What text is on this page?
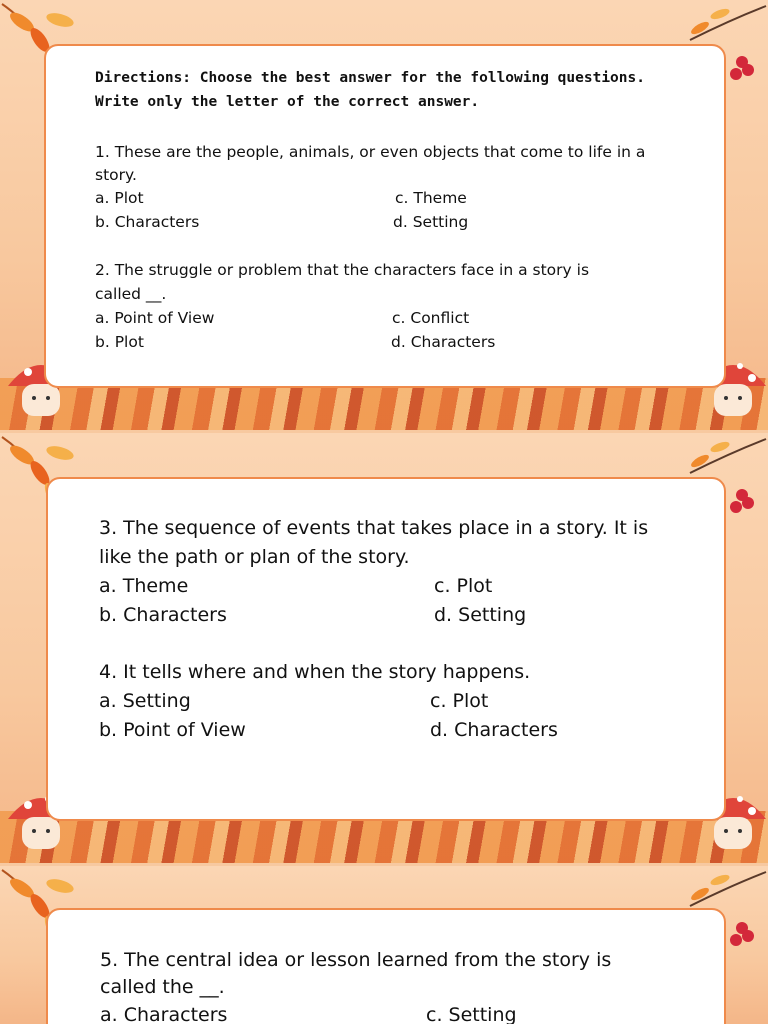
Directions: Choose the best answer for the following questions.
Write only the letter of the correct answer.
1. These are the people, animals, or even objects that come to life in a
story.
a. Plot	c. Theme
b. Characters	d. Setting
2. The struggle or problem that the characters face in a story is
called __.
a. Point of View	c. Conflict
b. Plot	d. Characters
3. The sequence of events that takes place in a story. It is
like the path or plan of the story.
a. Theme	c. Plot
b. Characters	d. Setting
4. It tells where and when the story happens.
a. Setting	c. Plot
b. Point of View	d. Characters
5. The central idea or lesson learned from the story is
called the __.
a. Characters	c. Setting
